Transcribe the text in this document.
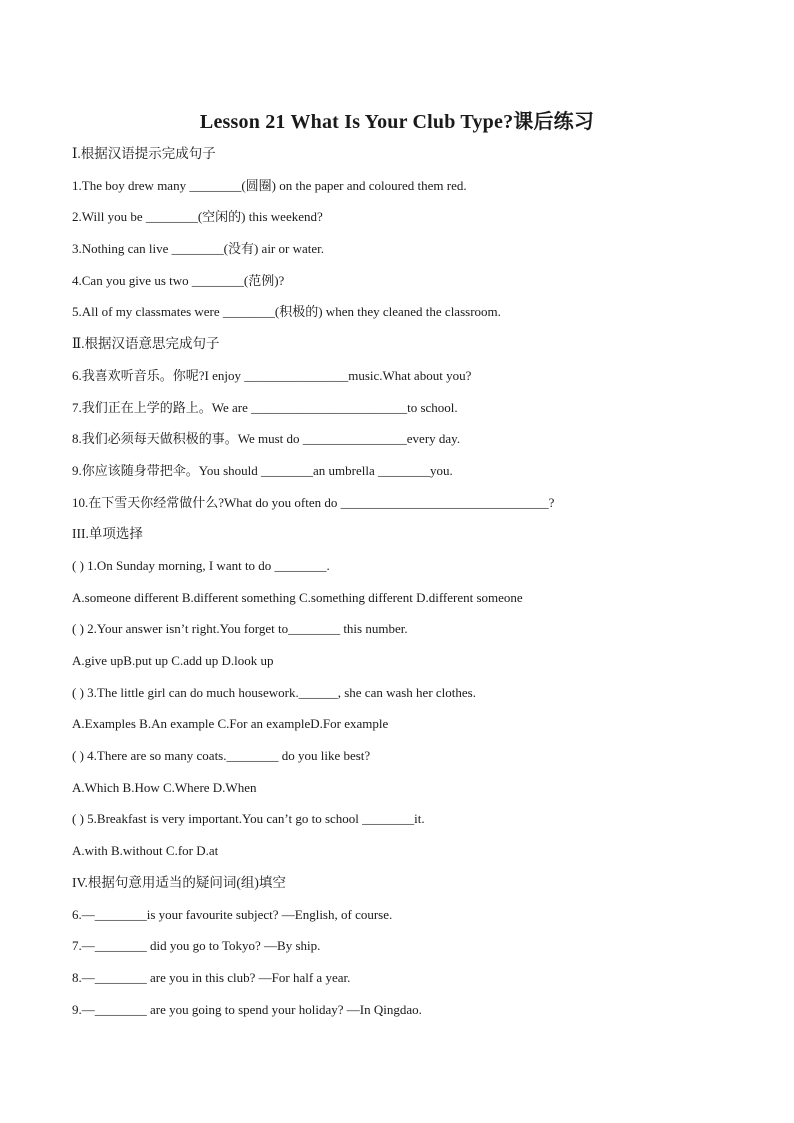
Lesson 21 What Is Your Club Type?课后练习
Ⅰ.根据汉语提示完成句子
1.The boy drew many ________(圆圈) on the paper and coloured them red.
2.Will you be ________(空闲的) this weekend?
3.Nothing can live ________(没有) air or water.
4.Can you give us two ________(范例)?
5.All of my classmates were ________(积极的) when they cleaned the classroom.
Ⅱ.根据汉语意思完成句子
6.我喜欢听音乐。你呢?I enjoy ________________music.What about you?
7.我们正在上学的路上。We are ________________________to school.
8.我们必须每天做积极的事。We must do ________________every day.
9.你应该随身带把伞。You should ________an umbrella ________you.
10.在下雪天你经常做什么?What do you often do ________________________________?
III.单项选择
( ) 1.On Sunday morning, I want to do ________.
A.someone different B.different something C.something different D.different someone
( ) 2.Your answer isn’t right.You forget to________ this number.
A.give upB.put up C.add up D.look up
( ) 3.The little girl can do much housework.______, she can wash her clothes.
A.Examples B.An example C.For an exampleD.For example
( ) 4.There are so many coats.________ do you like best?
A.Which B.How C.Where D.When
( ) 5.Breakfast is very important.You can’t go to school ________it.
A.with B.without C.for D.at
IV.根据句意用适当的疑问词(组)填空
6.—________is your favourite subject? —English, of course.
7.—________ did you go to Tokyo? —By ship.
8.—________ are you in this club? —For half a year.
9.—________ are you going to spend your holiday? —In Qingdao.
